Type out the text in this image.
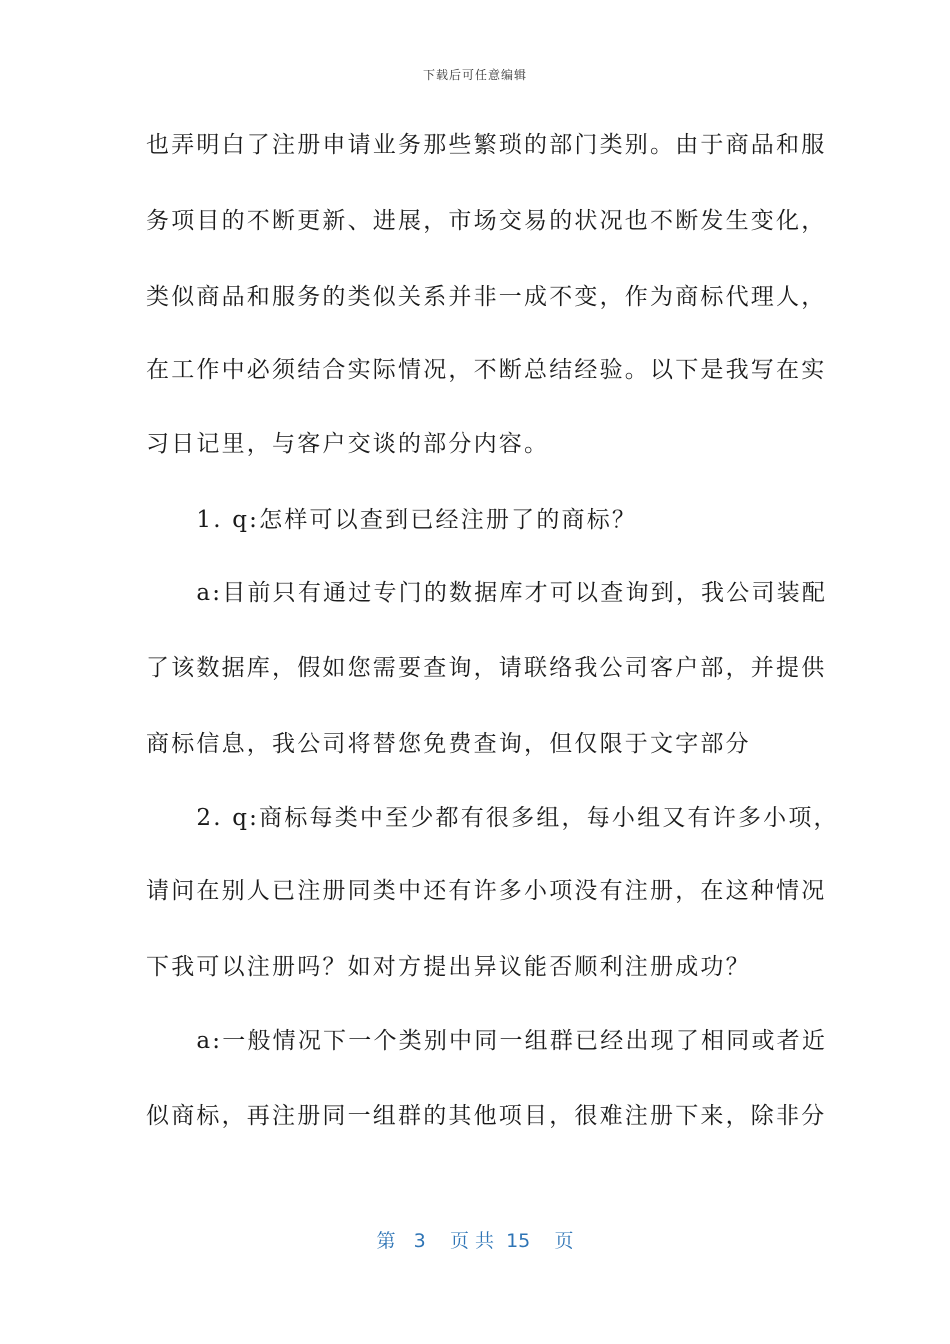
下载后可任意编辑
也弄明白了注册申请业务那些繁琐的部门类别。由于商品和服
务项目的不断更新、进展，市场交易的状况也不断发生变化，
类似商品和服务的类似关系并非一成不变，作为商标代理人，
在工作中必须结合实际情况，不断总结经验。以下是我写在实
习日记里，与客户交谈的部分内容。
　　1. q:怎样可以查到已经注册了的商标？
　　a:目前只有通过专门的数据库才可以查询到，我公司装配
了该数据库，假如您需要查询，请联络我公司客户部，并提供
商标信息，我公司将替您免费查询，但仅限于文字部分
　　2. q:商标每类中至少都有很多组，每小组又有许多小项，
请问在别人已注册同类中还有许多小项没有注册，在这种情况
下我可以注册吗？如对方提出异议能否顺利注册成功？
　　a:一般情况下一个类别中同一组群已经出现了相同或者近
似商标，再注册同一组群的其他项目，很难注册下来，除非分
第 3 页 共 15 页
